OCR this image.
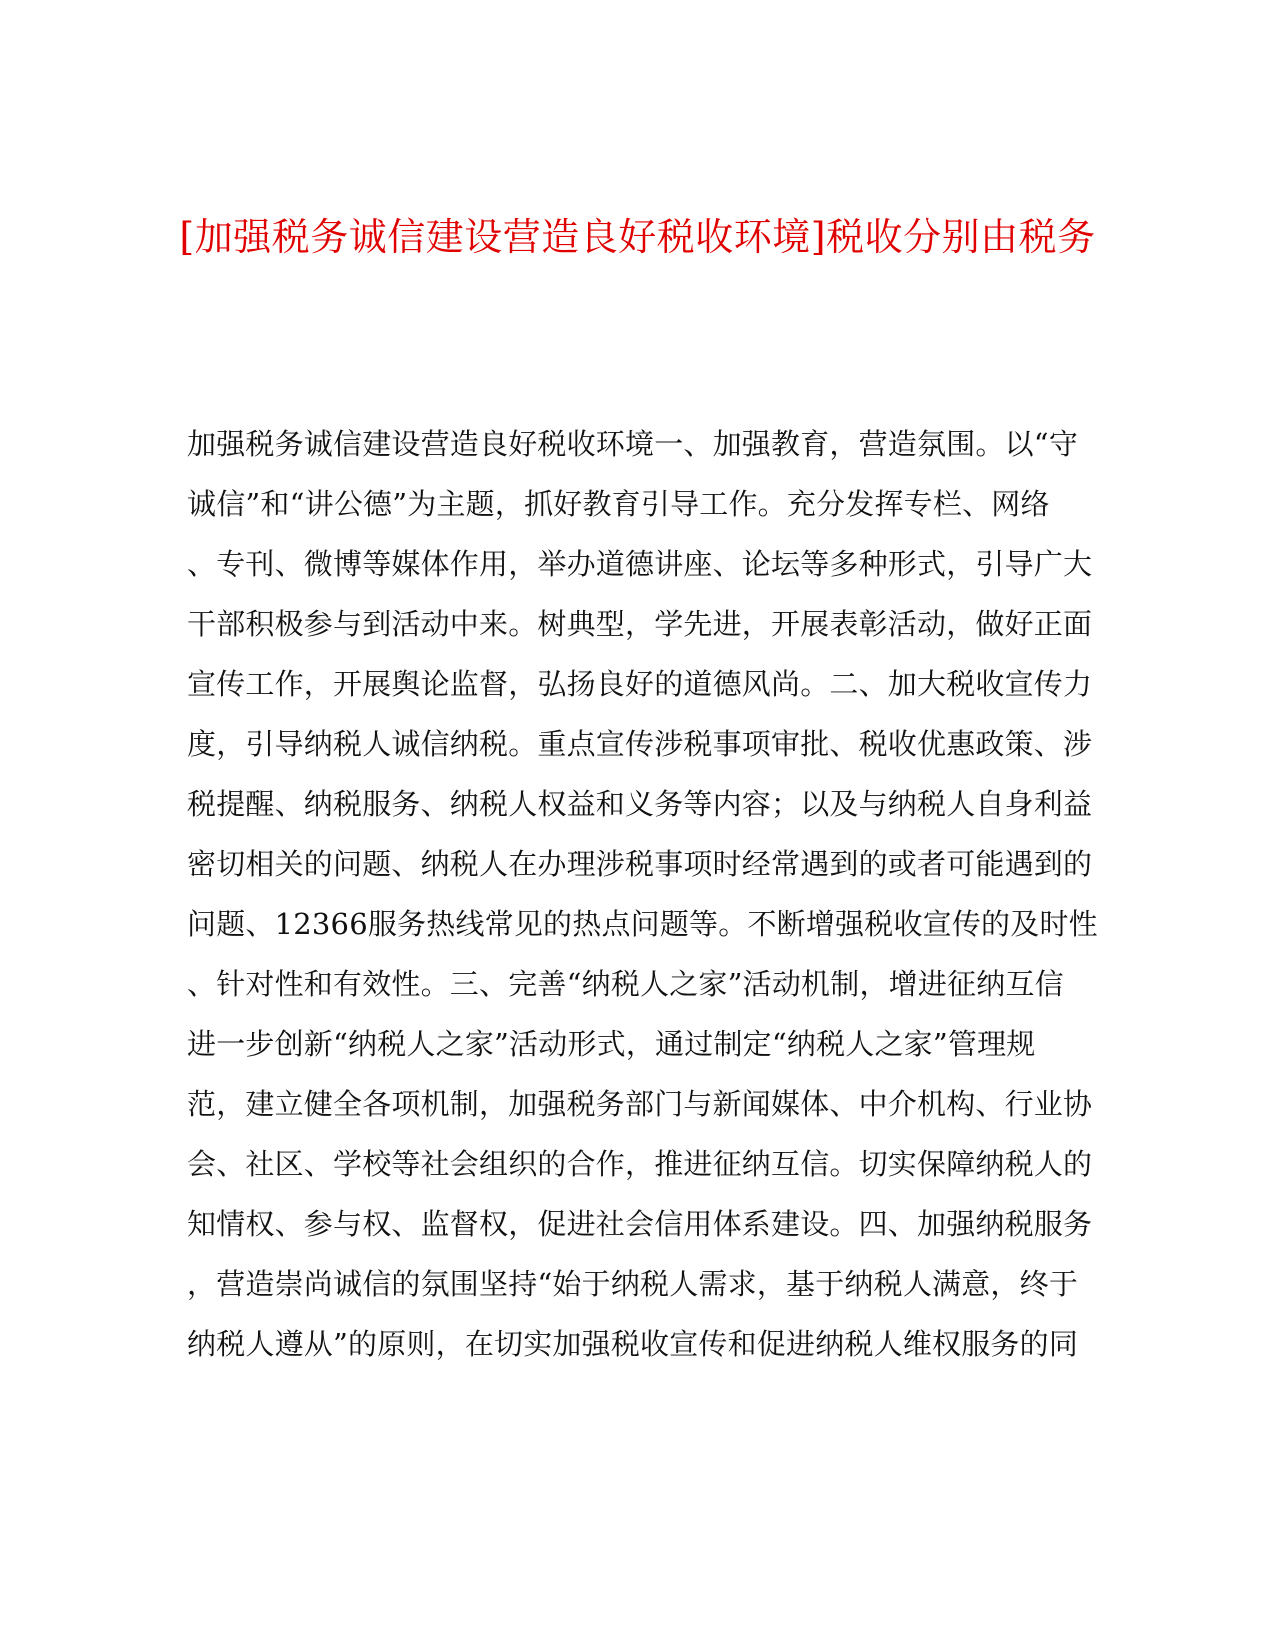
[加强税务诚信建设营造良好税收环境]税收分别由税务
加强税务诚信建设营造良好税收环境一、加强教育，营造氛围。以“守
诚信”和“讲公德”为主题，抓好教育引导工作。充分发挥专栏、网络
、专刊、微博等媒体作用，举办道德讲座、论坛等多种形式，引导广大
干部积极参与到活动中来。树典型，学先进，开展表彰活动，做好正面
宣传工作，开展舆论监督，弘扬良好的道德风尚。二、加大税收宣传力
度，引导纳税人诚信纳税。重点宣传涉税事项审批、税收优惠政策、涉
税提醒、纳税服务、纳税人权益和义务等内容；以及与纳税人自身利益
密切相关的问题、纳税人在办理涉税事项时经常遇到的或者可能遇到的
问题、12366服务热线常见的热点问题等。不断增强税收宣传的及时性
、针对性和有效性。三、完善“纳税人之家”活动机制，增进征纳互信
进一步创新“纳税人之家”活动形式，通过制定“纳税人之家”管理规
范，建立健全各项机制，加强税务部门与新闻媒体、中介机构、行业协
会、社区、学校等社会组织的合作，推进征纳互信。切实保障纳税人的
知情权、参与权、监督权，促进社会信用体系建设。四、加强纳税服务
，营造崇尚诚信的氛围坚持“始于纳税人需求，基于纳税人满意，终于
纳税人遵从”的原则，在切实加强税收宣传和促进纳税人维权服务的同
